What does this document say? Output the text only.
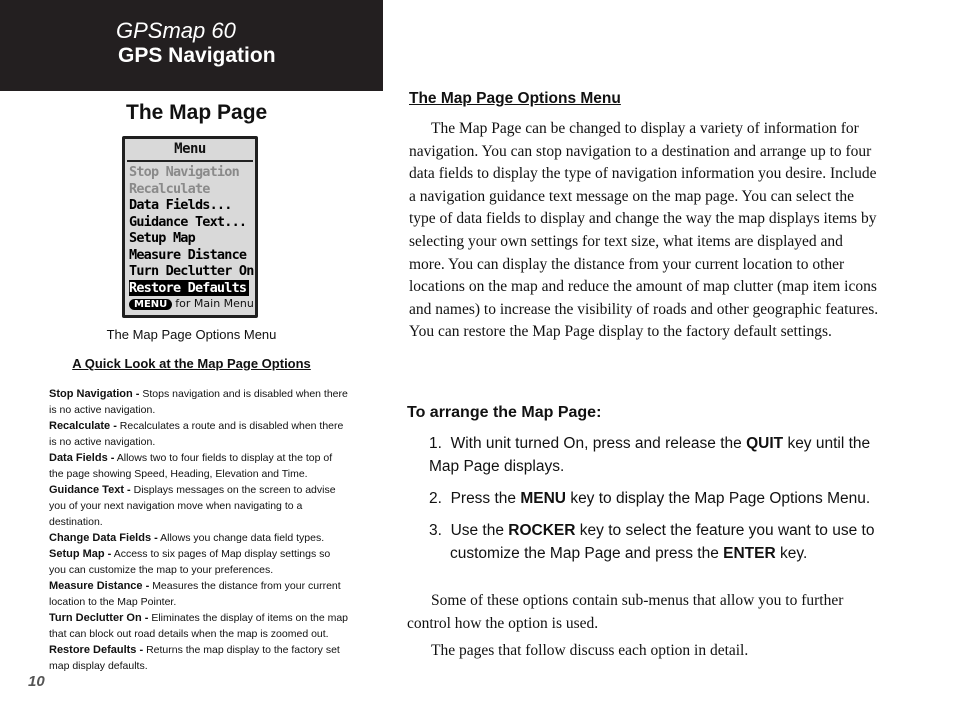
GPSmap 60
GPS Navigation
The Map Page
Menu
Stop Navigation
Recalculate
Data Fields...
Guidance Text...
Setup Map
Measure Distance
Turn Declutter On
Restore Defaults
MENU for Main Menu
The Map Page Options Menu
A Quick Look at the Map Page Options
Stop Navigation - Stops navigation and is disabled when there is no active navigation.
Recalculate - Recalculates a route and is disabled when there is no active navigation.
Data Fields - Allows two to four fields to display at the top of the page showing Speed, Heading, Elevation and Time.
Guidance Text - Displays messages on the screen to advise you of your next navigation move when navigating to a destination.
Change Data Fields - Allows you change data field types.
Setup Map - Access to six pages of Map display settings so you can customize the map to your preferences.
Measure Distance - Measures the distance from your current location to the Map Pointer.
Turn Declutter On - Eliminates the display of items on the map that can block out road details when the map is zoomed out.
Restore Defaults - Returns the map display to the factory set map display defaults.
10
The Map Page Options Menu

The Map Page can be changed to display a variety of information for navigation. You can stop navigation to a destination and arrange up to four data fields to display the type of navigation information you desire. Include a navigation guidance text message on the map page. You can select the type of data fields to display and change the way the map displays items by selecting your own settings for text size, what items are displayed and more. You can display the distance from your current location to other locations on the map and reduce the amount of map clutter (map item icons and names) to increase the visibility of roads and other geographic features. You can restore the Map Page display to the factory default settings.

To arrange the Map Page:
1. With unit turned On, press and release the QUIT key until the Map Page displays.
2. Press the MENU key to display the Map Page Options Menu.
3. Use the ROCKER key to select the feature you want to use to customize the Map Page and press the ENTER key.

Some of these options contain sub-menus that allow you to further control how the option is used.

The pages that follow discuss each option in detail.
